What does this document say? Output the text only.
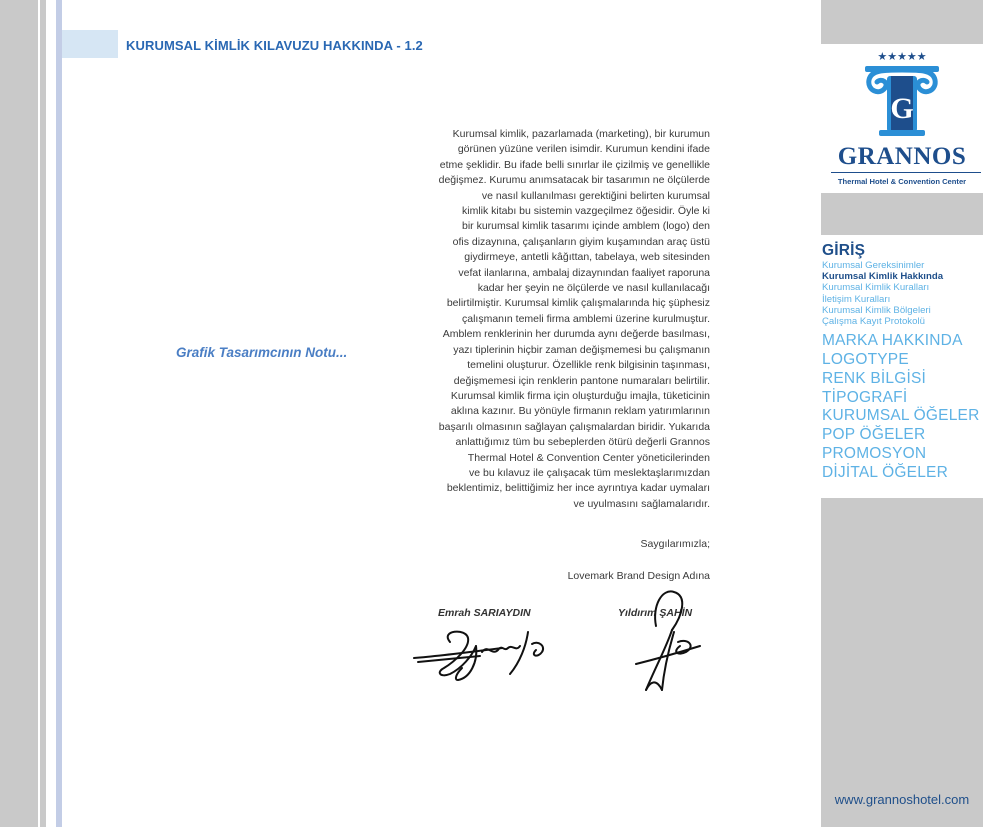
KURUMSAL KİMLİK KILAVUZU HAKKINDA - 1.2
Grafik Tasarımcının Notu...
Kurumsal kimlik, pazarlamada (marketing), bir kurumun
görünen yüzüne verilen isimdir. Kurumun kendini ifade
etme şeklidir. Bu ifade belli sınırlar ile çizilmiş ve genellikle
değişmez. Kurumu anımsatacak bir tasarımın ne ölçülerde
ve nasıl kullanılması gerektiğini belirten kurumsal
kimlik kitabı bu sistemin vazgeçilmez öğesidir. Öyle ki
bir kurumsal kimlik tasarımı içinde amblem (logo) den
ofis dizaynına, çalışanların giyim kuşamından araç üstü
giydirmeye, antetli kâğıttan, tabelaya, web sitesinden
vefat ilanlarına, ambalaj dizaynından faaliyet raporuna
kadar her şeyin ne ölçülerde ve nasıl kullanılacağı
belirtilmiştir. Kurumsal kimlik çalışmalarında hiç şüphesiz
çalışmanın temeli firma amblemi üzerine kurulmuştur.
Amblem renklerinin her durumda aynı değerde basılması,
yazı tiplerinin hiçbir zaman değişmemesi bu çalışmanın
temelini oluşturur. Özellikle renk bilgisinin taşınması,
değişmemesi için renklerin pantone numaraları belirtilir.
Kurumsal kimlik firma için oluşturduğu imajla, tüketicinin
aklına kazınır. Bu yönüyle firmanın reklam yatırımlarının
başarılı olmasının sağlayan çalışmalardan biridir. Yukarıda
anlattığımız tüm bu sebeplerden ötürü değerli Grannos
Thermal Hotel & Convention Center yöneticilerinden
ve bu kılavuz ile çalışacak tüm meslektaşlarımızdan
beklentimiz, belittiğimiz her ince ayrıntıya kadar uymaları
ve uyulmasını sağlamalarıdır.
Saygılarımızla;
Lovemark Brand Design Adına
Emrah SARIAYDIN	Yıldırım ŞAHİN
★★★★★
G
GRANNOS
Thermal Hotel & Convention Center
GİRİŞ
Kurumsal Gereksinimler
Kurumsal Kimlik Hakkında
Kurumsal Kimlik Kuralları
İletişim Kuralları
Kurumsal Kimlik Bölgeleri
Çalışma Kayıt Protokolü
MARKA HAKKINDA
LOGOTYPE
RENK BİLGİSİ
TİPOGRAFİ
KURUMSAL ÖĞELER
POP ÖĞELER
PROMOSYON
DİJİTAL ÖĞELER
www.grannoshotel.com
